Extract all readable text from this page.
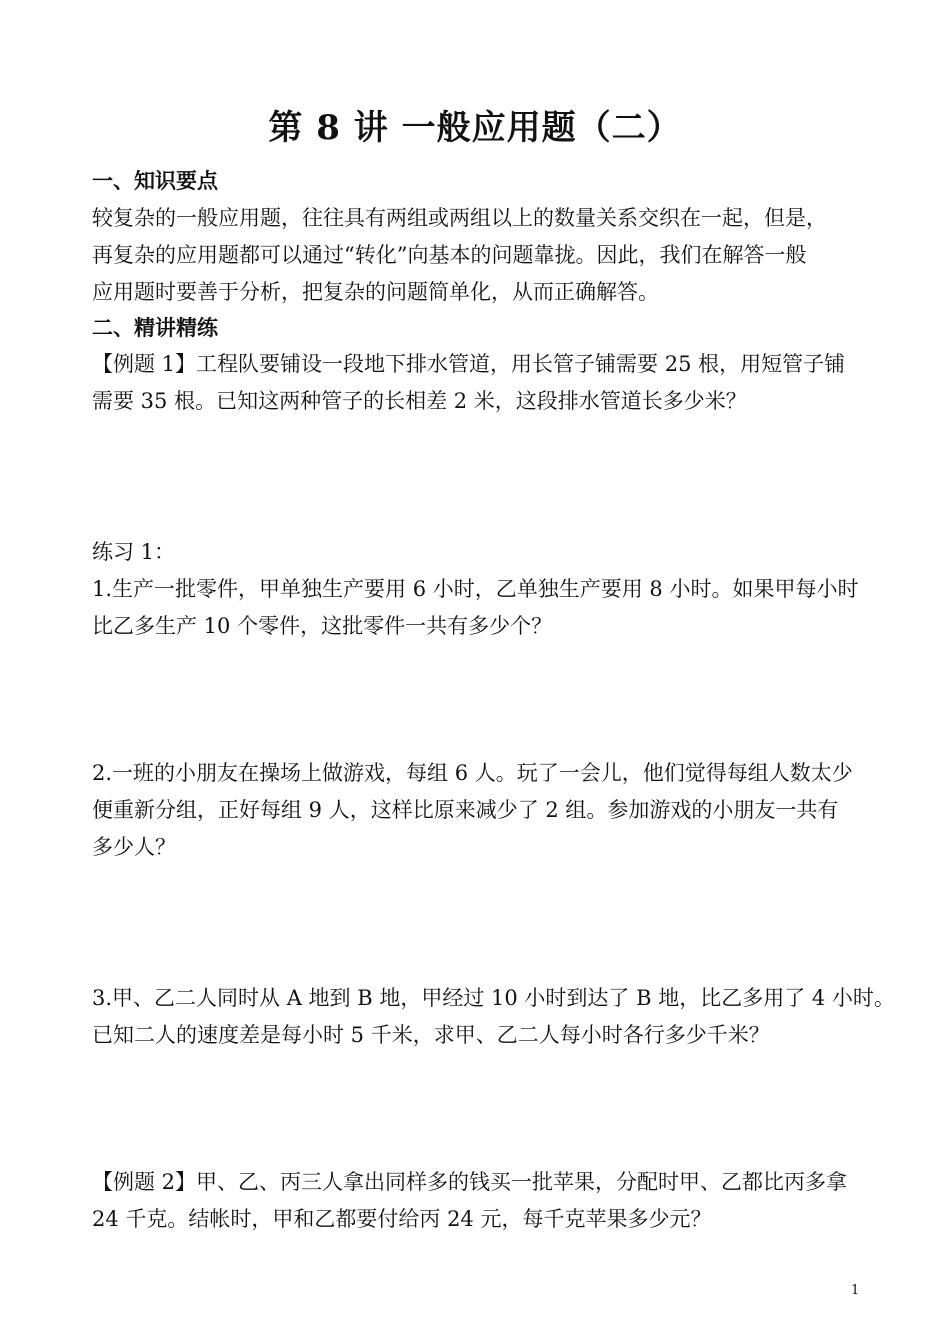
第 8 讲 一般应用题（二）
一、知识要点
较复杂的一般应用题，往往具有两组或两组以上的数量关系交织在一起，但是，
再复杂的应用题都可以通过“转化”向基本的问题靠拢。因此，我们在解答一般
应用题时要善于分析，把复杂的问题简单化，从而正确解答。
二、精讲精练
【例题 1】工程队要铺设一段地下排水管道，用长管子铺需要 25 根，用短管子铺
需要 35 根。已知这两种管子的长相差 2 米，这段排水管道长多少米？
练习 1：
1.生产一批零件，甲单独生产要用 6 小时，乙单独生产要用 8 小时。如果甲每小时
比乙多生产 10 个零件，这批零件一共有多少个？
2.一班的小朋友在操场上做游戏，每组 6 人。玩了一会儿，他们觉得每组人数太少
便重新分组，正好每组 9 人，这样比原来减少了 2 组。参加游戏的小朋友一共有
多少人？
3.甲、乙二人同时从 A 地到 B 地，甲经过 10 小时到达了 B 地，比乙多用了 4 小时。
已知二人的速度差是每小时 5 千米，求甲、乙二人每小时各行多少千米？
【例题 2】甲、乙、丙三人拿出同样多的钱买一批苹果，分配时甲、乙都比丙多拿
24 千克。结帐时，甲和乙都要付给丙 24 元，每千克苹果多少元？
1
